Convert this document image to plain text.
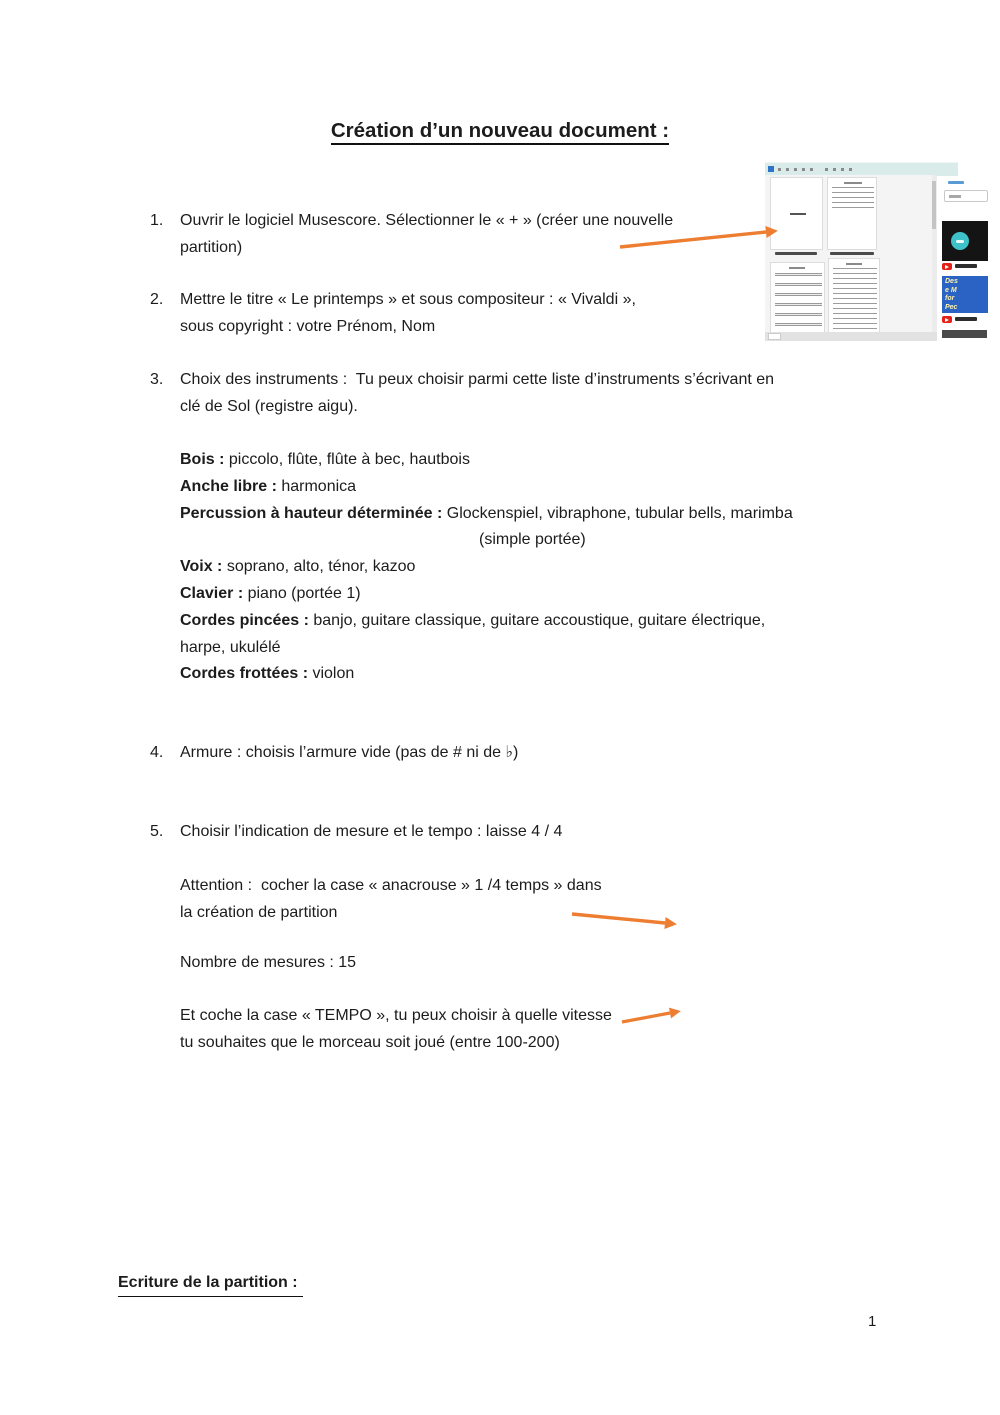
Création d’un nouveau document :
1. Ouvrir le logiciel Musescore. Sélectionner le « + » (créer une nouvelle
partition)
2. Mettre le titre « Le printemps » et sous compositeur : « Vivaldi »,
sous copyright : votre Prénom, Nom
3. Choix des instruments :  Tu peux choisir parmi cette liste d’instruments s’écrivant en
clé de Sol (registre aigu).
Bois : piccolo, flûte, flûte à bec, hautbois
Anche libre : harmonica
Percussion à hauteur déterminée : Glockenspiel, vibraphone, tubular bells, marimba
(simple portée)
Voix : soprano, alto, ténor, kazoo
Clavier : piano (portée 1)
Cordes pincées : banjo, guitare classique, guitare accoustique, guitare électrique,
harpe, ukulélé
Cordes frottées : violon
4. Armure : choisis l’armure vide (pas de # ni de ♭)
5. Choisir l’indication de mesure et le tempo : laisse 4 / 4
Attention :  cocher la case « anacrouse » 1 /4 temps » dans
la création de partition
Nombre de mesures : 15
Et coche la case « TEMPO », tu peux choisir à quelle vitesse
tu souhaites que le morceau soit joué (entre 100-200)
Ecriture de la partition :
1
Des
e M
for
Pec
